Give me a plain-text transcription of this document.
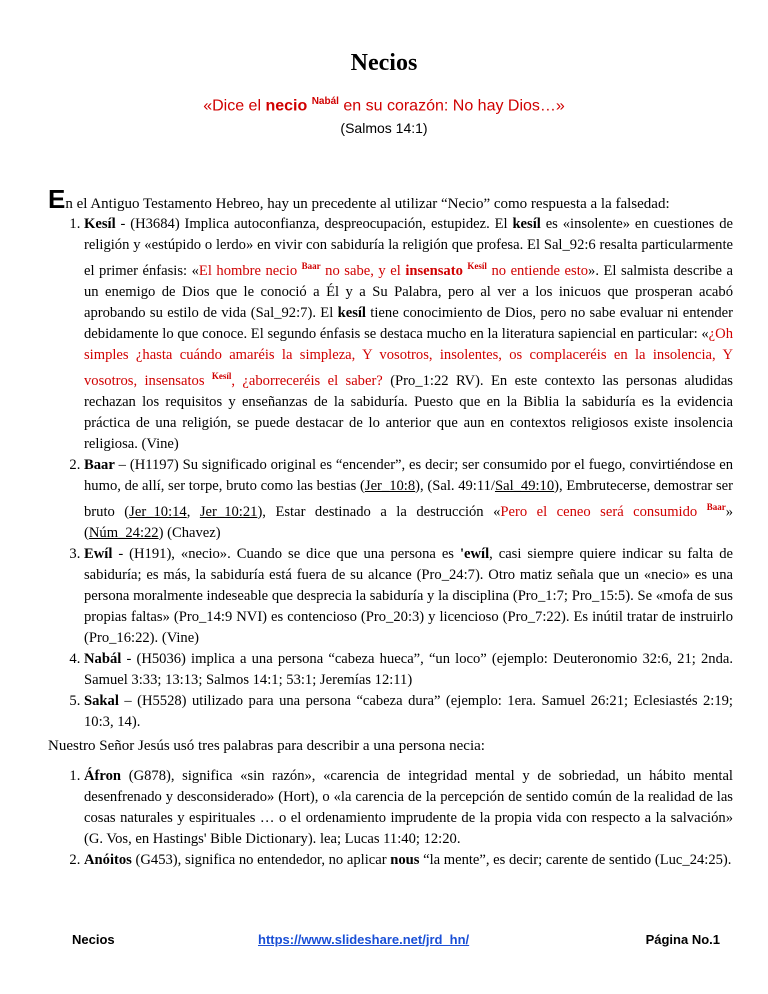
Necios
«Dice el necio $^{Nabál}$ en su corazón: No hay Dios…»
(Salmos 14:1)
En el Antiguo Testamento Hebreo, hay un precedente al utilizar “Necio” como respuesta a la falsedad:
1. Kesíl - (H3684) Implica autoconfianza, despreocupación, estupidez. El kesíl es «insolente» en cuestiones de religión y «estúpido o lerdo» en vivir con sabiduría la religión que profesa. El Sal_92:6 resalta particularmente el primer énfasis: «El hombre necio $^{Baar}$ no sabe, y el insensato $^{Kesíl}$ no entiende esto». El salmista describe a un enemigo de Dios que le conoció a Él y a Su Palabra, pero al ver a los inicuos que prosperan acabó aprobando su estilo de vida (Sal_92:7). El kesíl tiene conocimiento de Dios, pero no sabe evaluar ni entender debidamente lo que conoce. El segundo énfasis se destaca mucho en la literatura sapiencial en particular: «¿Oh simples ¿hasta cuándo amaréis la simpleza, Y vosotros, insolentes, os complaceréis en la insolencia, Y vosotros, insensatos $^{Kesíl}$, ¿aborreceréis el saber? (Pro_1:22 RV). En este contexto las personas aludidas rechazan los requisitos y enseñanzas de la sabiduría. Puesto que en la Biblia la sabiduría es la evidencia práctica de una religión, se puede destacar de lo anterior que aun en contextos religiosos existe insolencia religiosa. (Vine)
2. Baar – (H1197) Su significado original es “encender”, es decir; ser consumido por el fuego, convirtiéndose en humo, de allí, ser torpe, bruto como las bestias (Jer_10:8), (Sal. 49:11/Sal_49:10), Embrutecerse, demostrar ser bruto (Jer_10:14, Jer_10:21), Estar destinado a la destrucción «Pero el ceneo será consumido $^{Baar}$» (Núm_24:22) (Chavez)
3. Ewíl - (H191), «necio». Cuando se dice que una persona es 'ewíl, casi siempre quiere indicar su falta de sabiduría; es más, la sabiduría está fuera de su alcance (Pro_24:7). Otro matiz señala que un «necio» es una persona moralmente indeseable que desprecia la sabiduría y la disciplina (Pro_1:7; Pro_15:5). Se «mofa de sus propias faltas» (Pro_14:9 NVI) es contencioso (Pro_20:3) y licencioso (Pro_7:22). Es inútil tratar de instruirlo (Pro_16:22). (Vine)
4. Nabál - (H5036) implica a una persona “cabeza hueca”, “un loco” (ejemplo: Deuteronomio 32:6, 21; 2nda. Samuel 3:33; 13:13; Salmos 14:1; 53:1; Jeremías 12:11)
5. Sakal – (H5528) utilizado para una persona “cabeza dura” (ejemplo: 1era. Samuel 26:21; Eclesiastés 2:19; 10:3, 14).
Nuestro Señor Jesús usó tres palabras para describir a una persona necia:
1. Áfron (G878), significa «sin razón», «carencia de integridad mental y de sobriedad, un hábito mental desenfrenado y desconsiderado» (Hort), o «la carencia de la percepción de sentido común de la realidad de las cosas naturales y espirituales … o el ordenamiento imprudente de la propia vida con respecto a la salvación» (G. Vos, en Hastings' Bible Dictionary). lea; Lucas 11:40; 12:20.
2. Anóitos (G453), significa no entendedor, no aplicar nous “la mente”, es decir; carente de sentido (Luc_24:25).
Necios	https://www.slideshare.net/jrd_hn/	Página No.1
